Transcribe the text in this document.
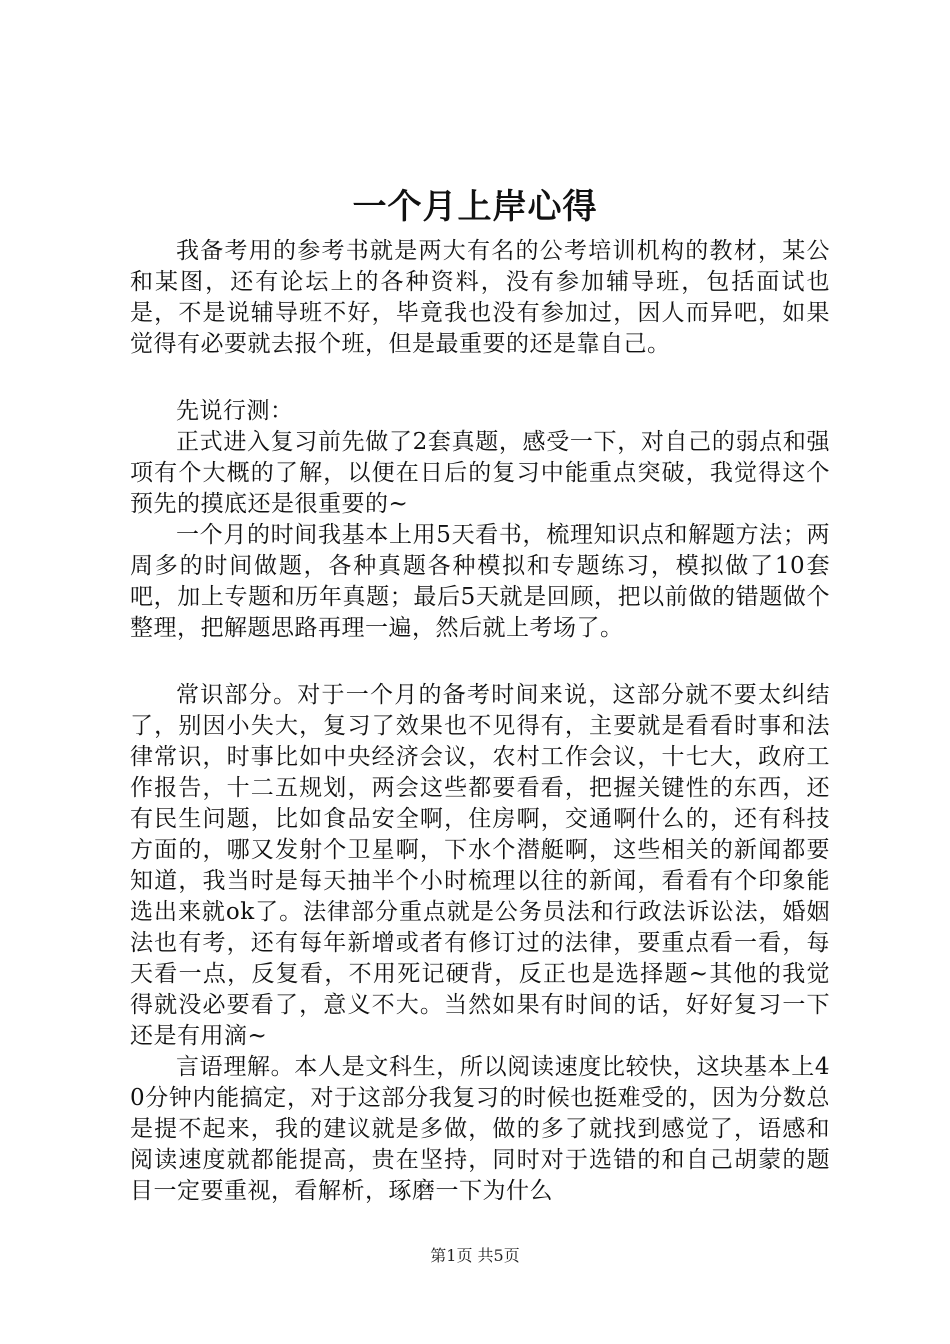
一个月上岸心得

我备考用的参考书就是两大有名的公考培训机构的教材，某公和某图，还有论坛上的各种资料，没有参加辅导班，包括面试也是，不是说辅导班不好，毕竟我也没有参加过，因人而异吧，如果觉得有必要就去报个班，但是最重要的还是靠自己。

先说行测：

正式进入复习前先做了2套真题，感受一下，对自己的弱点和强项有个大概的了解，以便在日后的复习中能重点突破，我觉得这个预先的摸底还是很重要的~

一个月的时间我基本上用5天看书，梳理知识点和解题方法；两周多的时间做题，各种真题各种模拟和专题练习，模拟做了10套吧，加上专题和历年真题；最后5天就是回顾，把以前做的错题做个整理，把解题思路再理一遍，然后就上考场了。

常识部分。对于一个月的备考时间来说，这部分就不要太纠结了，别因小失大，复习了效果也不见得有，主要就是看看时事和法律常识，时事比如中央经济会议，农村工作会议，十七大，政府工作报告，十二五规划，两会这些都要看看，把握关键性的东西，还有民生问题，比如食品安全啊，住房啊，交通啊什么的，还有科技方面的，哪又发射个卫星啊，下水个潜艇啊，这些相关的新闻都要知道，我当时是每天抽半个小时梳理以往的新闻，看看有个印象能选出来就ok了。法律部分重点就是公务员法和行政法诉讼法，婚姻法也有考，还有每年新增或者有修订过的法律，要重点看一看，每天看一点，反复看，不用死记硬背，反正也是选择题~其他的我觉得就没必要看了，意义不大。当然如果有时间的话，好好复习一下还是有用滴~

言语理解。本人是文科生，所以阅读速度比较快，这块基本上40分钟内能搞定，对于这部分我复习的时候也挺难受的，因为分数总是提不起来，我的建议就是多做，做的多了就找到感觉了，语感和阅读速度就都能提高，贵在坚持，同时对于选错的和自己胡蒙的题目一定要重视，看解析，琢磨一下为什么

第1页 共5页
